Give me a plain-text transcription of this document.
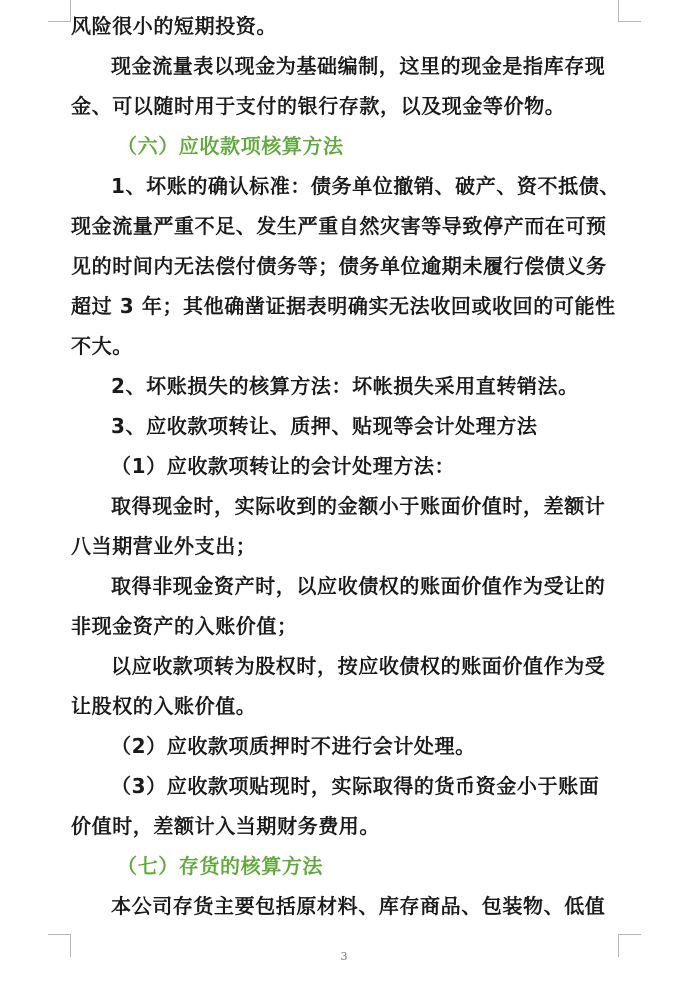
风险很小的短期投资。

现金流量表以现金为基础编制，这里的现金是指库存现

金、可以随时用于支付的银行存款，以及现金等价物。

（六）应收款项核算方法

1、坏账的确认标准：债务单位撤销、破产、资不抵债、

现金流量严重不足、发生严重自然灾害等导致停产而在可预

见的时间内无法偿付债务等；债务单位逾期未履行偿债义务

超过 3 年；其他确凿证据表明确实无法收回或收回的可能性

不大。

2、坏账损失的核算方法：坏帐损失采用直转销法。

3、应收款项转让、质押、贴现等会计处理方法

（1）应收款项转让的会计处理方法：

取得现金时，实际收到的金额小于账面价值时，差额计

八当期营业外支出；

取得非现金资产时，以应收债权的账面价值作为受让的

非现金资产的入账价值；

以应收款项转为股权时，按应收债权的账面价值作为受

让股权的入账价值。

（2）应收款项质押时不进行会计处理。

（3）应收款项贴现时，实际取得的货币资金小于账面

价值时，差额计入当期财务费用。

（七）存货的核算方法

本公司存货主要包括原材料、库存商品、包装物、低值

3
